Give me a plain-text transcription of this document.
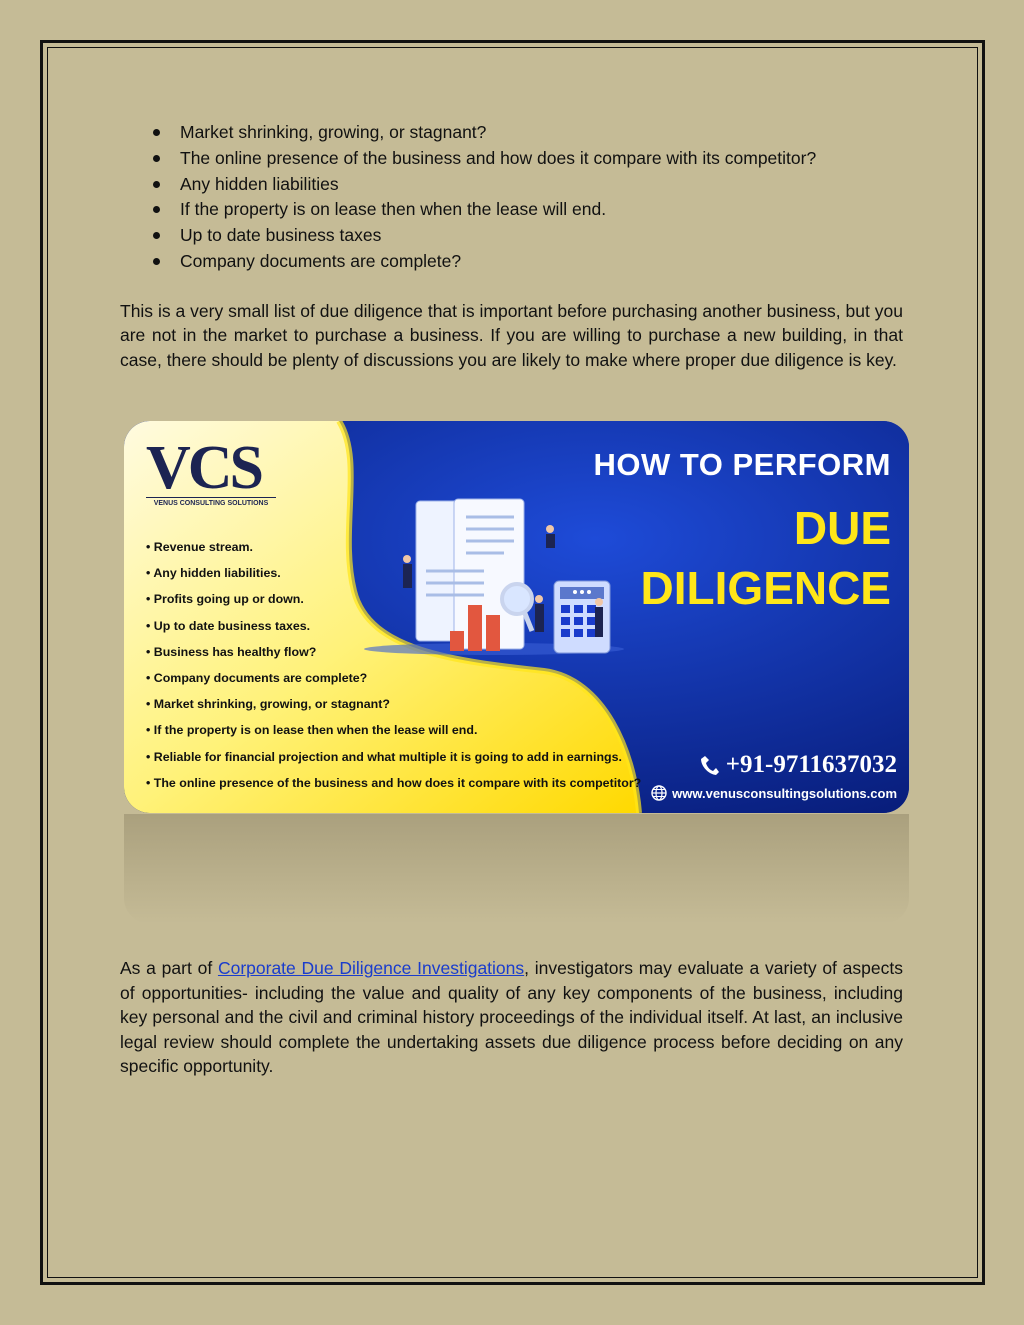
Market shrinking, growing, or stagnant?
The online presence of the business and how does it compare with its competitor?
Any hidden liabilities
If the property is on lease then when the lease will end.
Up to date business taxes
Company documents are complete?

This is a very small list of due diligence that is important before purchasing another business, but you are not in the market to purchase a business. If you are willing to purchase a new building, in that case, there should be plenty of discussions you are likely to make where proper due diligence is key.

VCS
VENUS CONSULTING SOLUTIONS
• Revenue stream.
• Any hidden liabilities.
• Profits going up or down.
• Up to date business taxes.
• Business has healthy flow?
• Company documents are complete?
• Market shrinking, growing, or stagnant?
• If the property is on lease then when the lease will end.
• Reliable for financial projection and what multiple it is going to add in earnings.
• The online presence of the business and how does it compare with its competitor?
HOW TO PERFORM
DUE
DILIGENCE
+91-9711637032
www.venusconsultingsolutions.com

As a part of Corporate Due Diligence Investigations, investigators may evaluate a variety of aspects of opportunities- including the value and quality of any key components of the business, including key personal and the civil and criminal history proceedings of the individual itself. At last, an inclusive legal review should complete the undertaking assets due diligence process before deciding on any specific opportunity.
